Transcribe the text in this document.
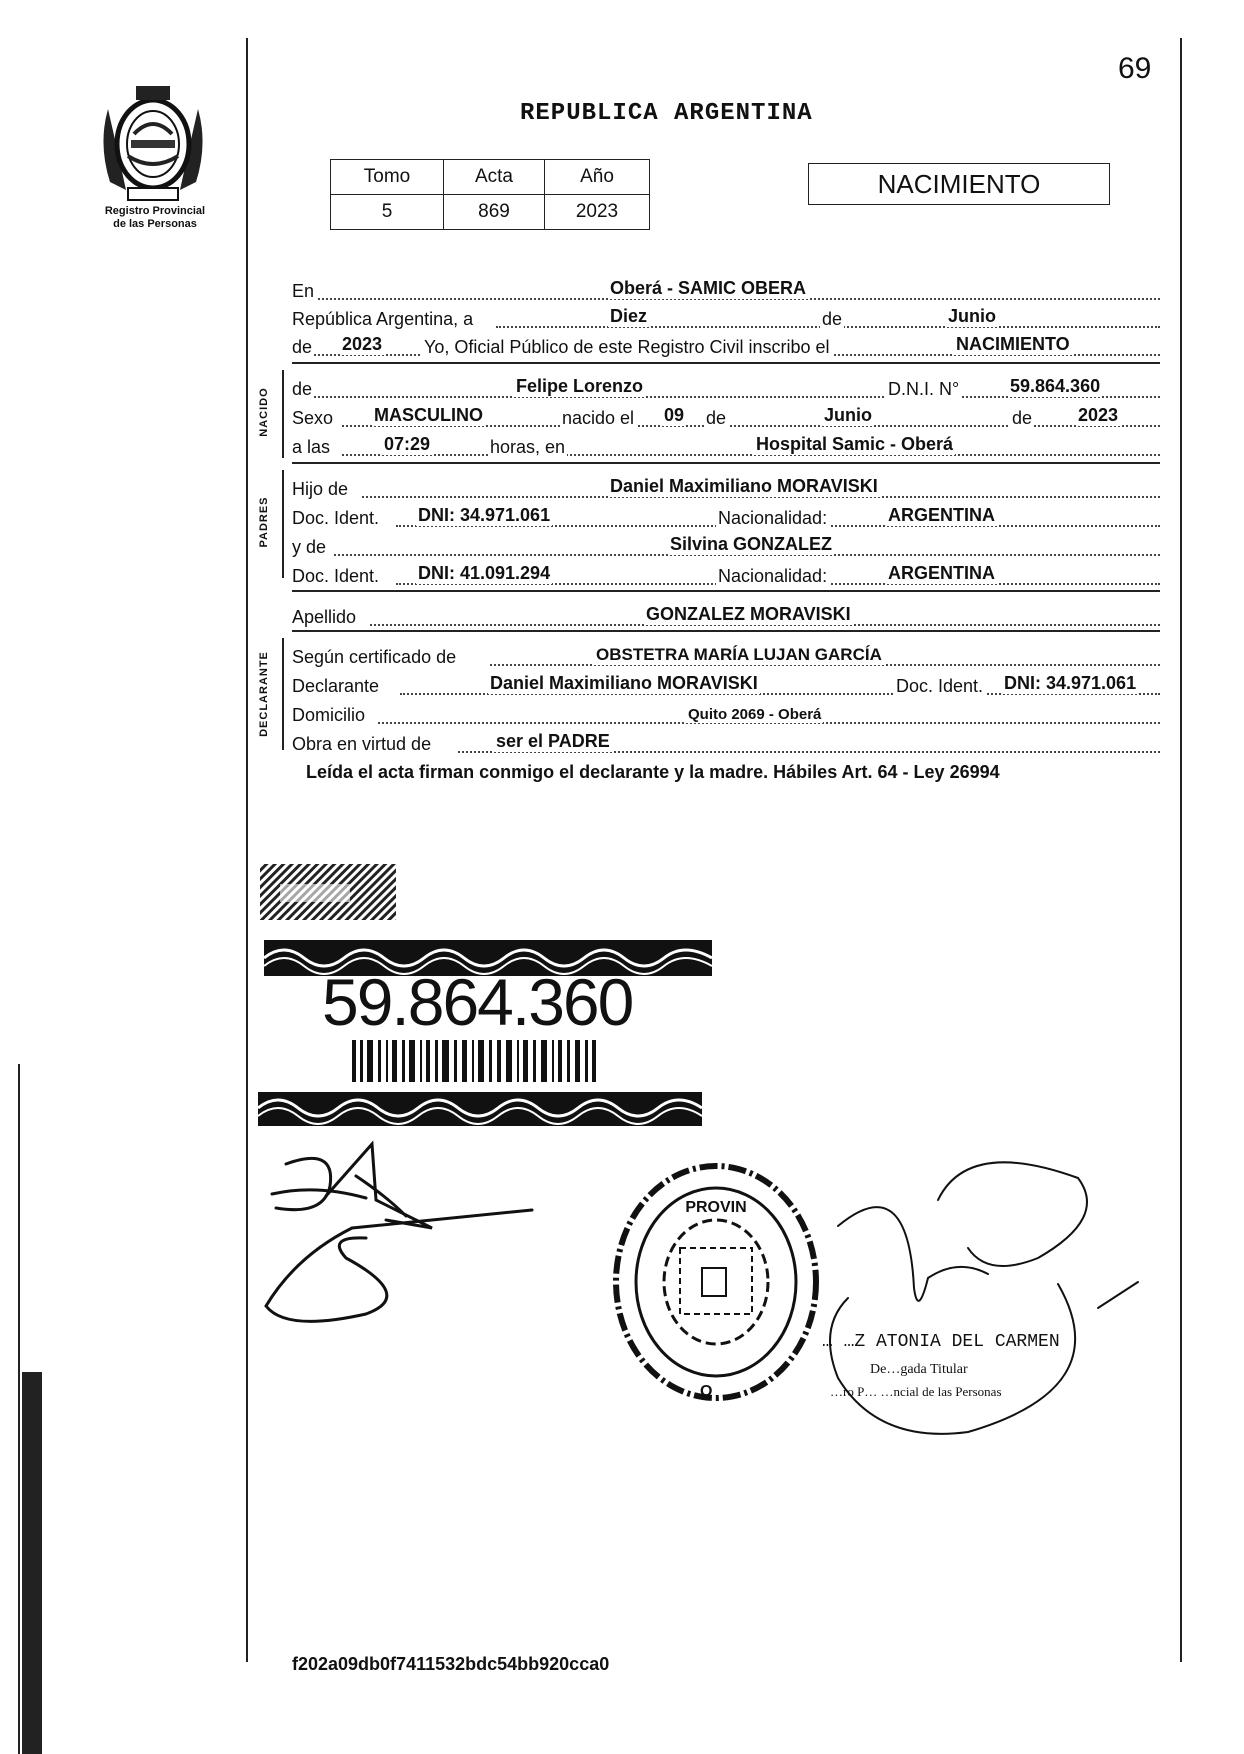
69
Registro Provincial
de las Personas
REPUBLICA ARGENTINA
Tomo	Acta	Año
5	869	2023
NACIMIENTO
En	Oberá - SAMIC OBERA
República Argentina, a	Diez	de	Junio
de 2023 Yo, Oficial Público de este Registro Civil inscribo el	NACIMIENTO
NACIDO de	Felipe Lorenzo	D.N.I. N°	59.864.360
Sexo MASCULINO	nacido el 09 de	Junio	de	2023
a las	07:29	horas, en	Hospital Samic - Oberá
PADRES
Hijo de	Daniel Maximiliano MORAVISKI
Doc. Ident. DNI: 34.971.061	Nacionalidad:	ARGENTINA
y de	Silvina GONZALEZ
Doc. Ident. DNI: 41.091.294	Nacionalidad:	ARGENTINA
Apellido	GONZALEZ MORAVISKI
DECLARANTE Según certificado de	OBSTETRA MARÍA LUJAN GARCÍA
Declarante	Daniel Maximiliano MORAVISKI	Doc. Ident. DNI: 34.971.061
Domicilio	Quito 2069 - Oberá
Obra en virtud de	ser el PADRE
Leída el acta firman conmigo el declarante y la madre. Hábiles Art. 64 - Ley 26994
59.864.360
PROVIN
O
… …Z ATONIA DEL CARMEN
De…gada Titular
…ro P… …ncial de las Personas
f202a09db0f7411532bdc54bb920cca0
